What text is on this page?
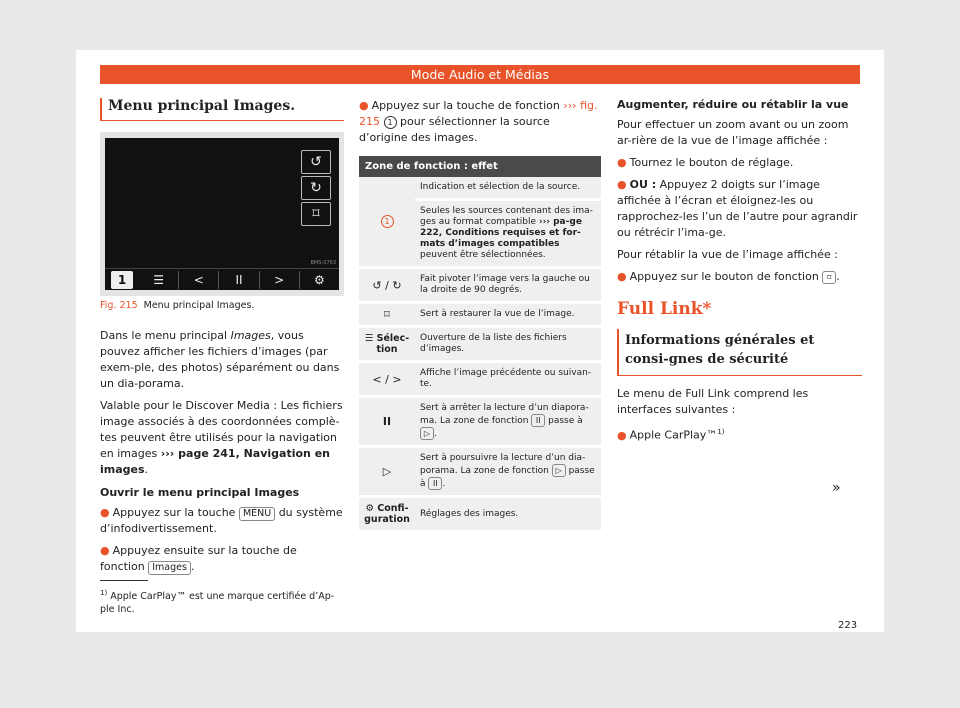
Mode Audio et Médias
Menu principal Images.
↺
↻
⌑
BMS-0763
1	☰	<	II	>	⚙
Fig. 215 Menu principal Images.

Dans le menu principal Images, vous pouvez afficher les fichiers d’images (par exem-ple, des photos) séparément ou dans un dia-porama.

Valable pour le Discover Media : Les fichiers image associés à des coordonnées complè-tes peuvent être utilisés pour la navigation en images ››› page 241, Navigation en images.

Ouvrir le menu principal Images
● Appuyez sur la touche MENU du système d’infodivertissement.
● Appuyez ensuite sur la touche de fonction Images .
● Appuyez sur la touche de fonction ››› fig. 215 1 pour sélectionner la source d’origine des images.
Zone de fonction : effet	
1	Indication et sélection de la source.
	Seules les sources contenant des ima-ges au format compatible ››› pa-ge 222, Conditions requises et for-mats d’images compatibles peuvent être sélectionnées.
↺ / ↻	Fait pivoter l’image vers la gauche ou la droite de 90 degrés.
⌑	Sert à restaurer la vue de l’image.
☰ Sélec-tion	Ouverture de la liste des fichiers d’images.
< / >	Affiche l’image précédente ou suivan-te.
II	Sert à arrêter la lecture d’un diapora-ma. La zone de fonction II passe à ▷ .
▷	Sert à poursuivre la lecture d’un dia-porama. La zone de fonction ▷ passe à II .
⚙ Confi-guration	Réglages des images.
Augmenter, réduire ou rétablir la vue

Pour effectuer un zoom avant ou un zoom ar-rière de la vue de l’image affichée :

● Tournez le bouton de réglage.
● OU : Appuyez 2 doigts sur l’image affichée à l’écran et éloignez-les ou rapprochez-les l’un de l’autre pour agrandir ou rétrécir l’ima-ge.

Pour rétablir la vue de l’image affichée :

● Appuyez sur le bouton de fonction ⌑ .
Full Link*
Informations générales et consi-gnes de sécurité

Le menu de Full Link comprend les interfaces suivantes :

● Apple CarPlay™$^{1)}$
»
$^{1)}$ Apple CarPlay™ est une marque certifiée d’Ap-ple Inc.
223
